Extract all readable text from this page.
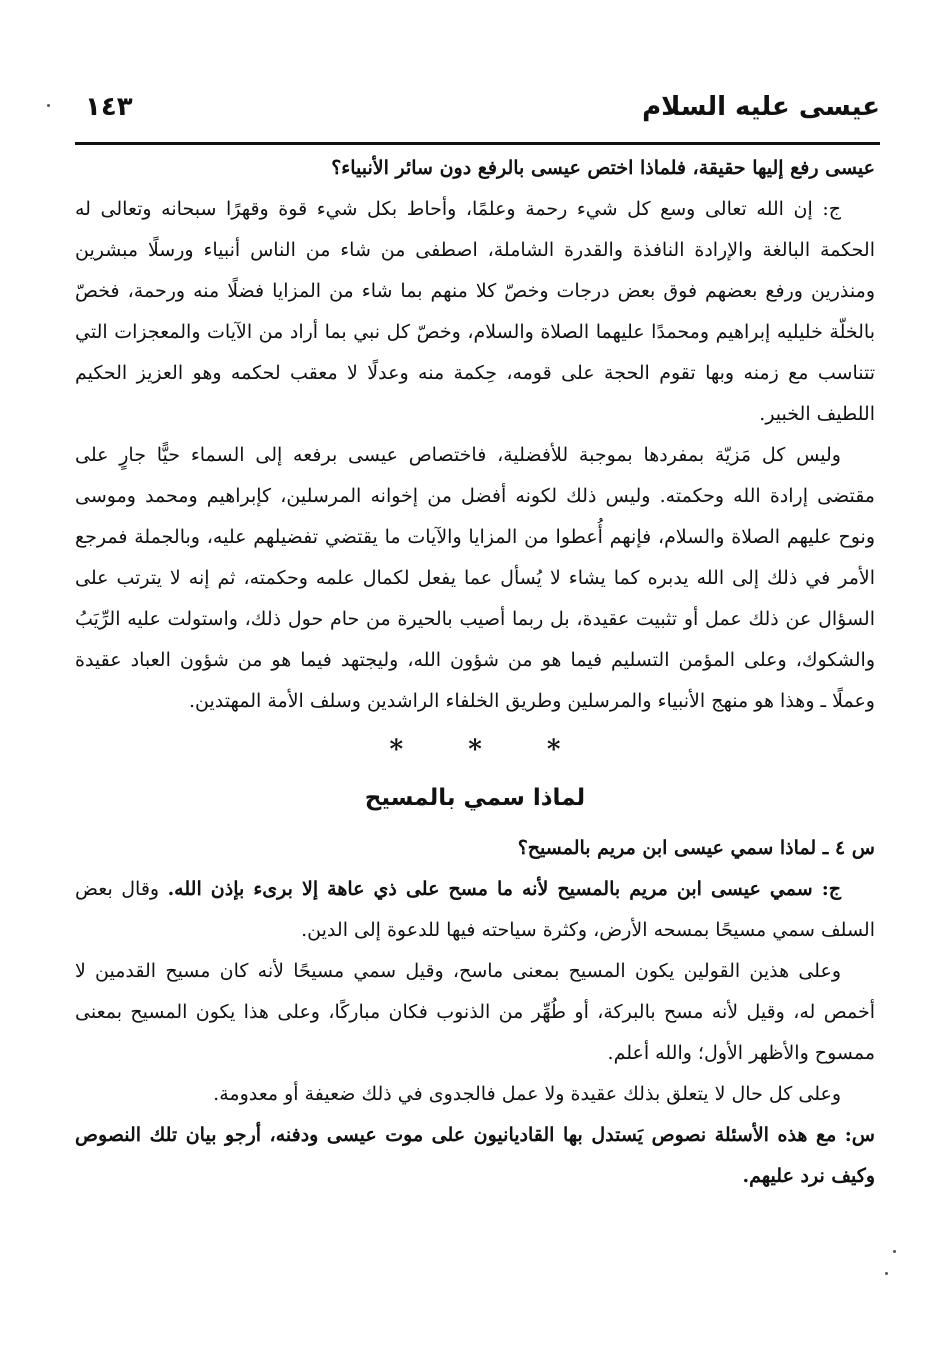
عيسى عليه السلام
١٤٣

عيسى رفع إليها حقيقة، فلماذا اختص عيسى بالرفع دون سائر الأنبياء؟

ج: إن الله تعالى وسع كل شيء رحمة وعلمًا، وأحاط بكل شيء قوة وقهرًا سبحانه وتعالى له الحكمة البالغة والإرادة النافذة والقدرة الشاملة، اصطفى من شاء من الناس أنبياء ورسلًا مبشرين ومنذرين ورفع بعضهم فوق بعض درجات وخصّ كلا منهم بما شاء من المزايا فضلًا منه ورحمة، فخصّ بالخلّة خليليه إبراهيم ومحمدًا عليهما الصلاة والسلام، وخصّ كل نبي بما أراد من الآيات والمعجزات التي تتناسب مع زمنه وبها تقوم الحجة على قومه، حِكمة منه وعدلًا لا معقب لحكمه وهو العزيز الحكيم اللطيف الخبير.

وليس كل مَزيّة بمفردها بموجبة للأفضلية، فاختصاص عيسى برفعه إلى السماء حيًّا جارٍ على مقتضى إرادة الله وحكمته. وليس ذلك لكونه أفضل من إخوانه المرسلين، كإبراهيم ومحمد وموسى ونوح عليهم الصلاة والسلام، فإنهم أُعطوا من المزايا والآيات ما يقتضي تفضيلهم عليه، وبالجملة فمرجع الأمر في ذلك إلى الله يدبره كما يشاء لا يُسأل عما يفعل لكمال علمه وحكمته، ثم إنه لا يترتب على السؤال عن ذلك عمل أو تثبيت عقيدة، بل ربما أصيب بالحيرة من حام حول ذلك، واستولت عليه الرِّيَبُ والشكوك، وعلى المؤمن التسليم فيما هو من شؤون الله، وليجتهد فيما هو من شؤون العباد عقيدة وعملًا ـ وهذا هو منهج الأنبياء والمرسلين وطريق الخلفاء الراشدين وسلف الأمة المهتدين.

* * *
لماذا سمي بالمسيح

س ٤ ـ لماذا سمي عيسى ابن مريم بالمسيح؟

ج: سمي عيسى ابن مريم بالمسيح لأنه ما مسح على ذي عاهة إلا برىء بإذن الله. وقال بعض السلف سمي مسيحًا بمسحه الأرض، وكثرة سياحته فيها للدعوة إلى الدين.

وعلى هذين القولين يكون المسيح بمعنى ماسح، وقيل سمي مسيحًا لأنه كان مسيح القدمين لا أخمص له، وقيل لأنه مسح بالبركة، أو طُهِّر من الذنوب فكان مباركًا، وعلى هذا يكون المسيح بمعنى ممسوح والأظهر الأول؛ والله أعلم.

وعلى كل حال لا يتعلق بذلك عقيدة ولا عمل فالجدوى في ذلك ضعيفة أو معدومة.

س: مع هذه الأسئلة نصوص يَستدل بها القاديانيون على موت عيسى ودفنه، أرجو بيان تلك النصوص وكيف نرد عليهم.
